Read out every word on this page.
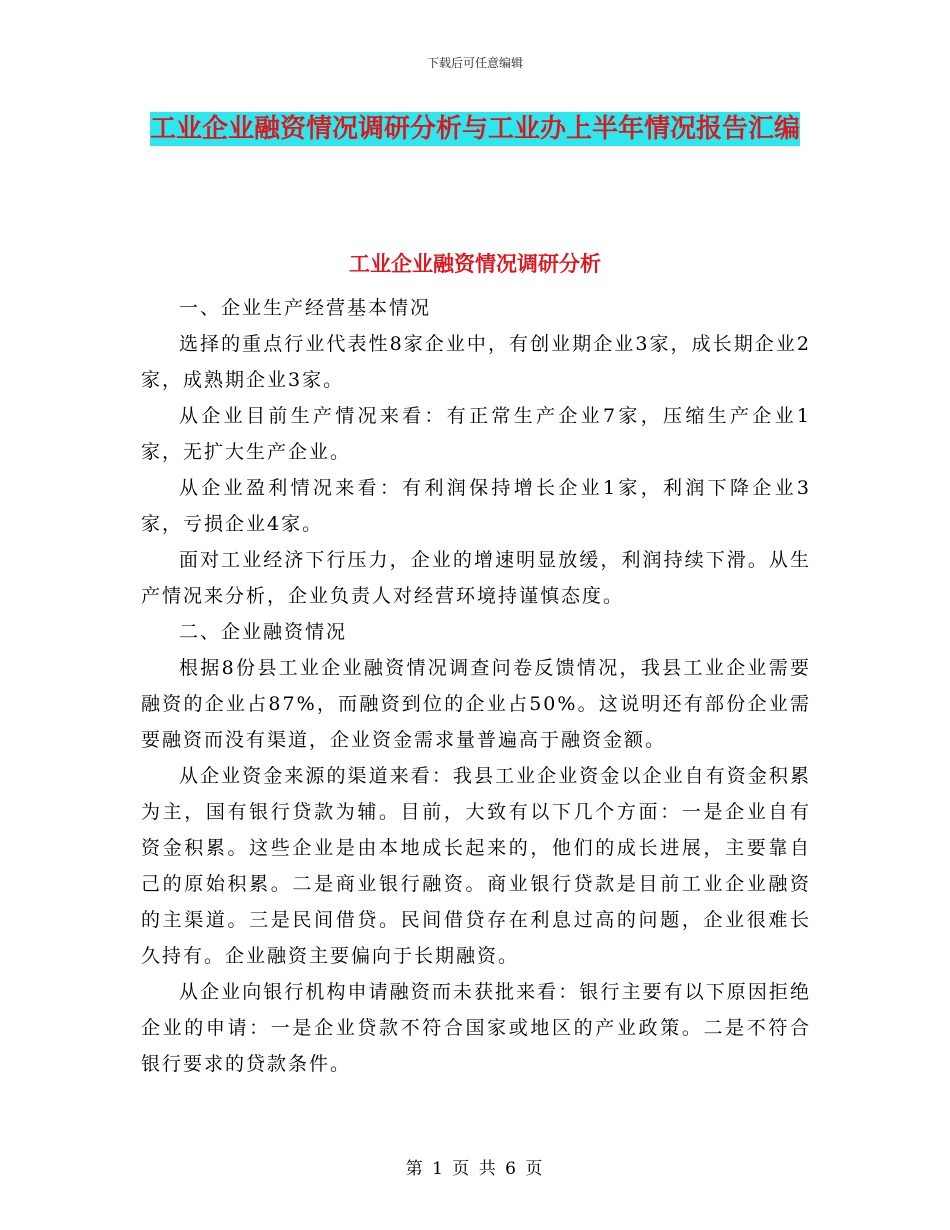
下载后可任意编辑
工业企业融资情况调研分析与工业办上半年情况报告汇编
工业企业融资情况调研分析

一、企业生产经营基本情况

选择的重点行业代表性8家企业中，有创业期企业3家，成长期企业2家，成熟期企业3家。

从企业目前生产情况来看：有正常生产企业7家，压缩生产企业1家，无扩大生产企业。

从企业盈利情况来看：有利润保持增长企业1家，利润下降企业3家，亏损企业4家。

面对工业经济下行压力，企业的增速明显放缓，利润持续下滑。从生产情况来分析，企业负责人对经营环境持谨慎态度。

二、企业融资情况

根据8份县工业企业融资情况调查问卷反馈情况，我县工业企业需要融资的企业占87%，而融资到位的企业占50%。这说明还有部份企业需要融资而没有渠道，企业资金需求量普遍高于融资金额。

从企业资金来源的渠道来看：我县工业企业资金以企业自有资金积累为主，国有银行贷款为辅。目前，大致有以下几个方面：一是企业自有资金积累。这些企业是由本地成长起来的，他们的成长进展，主要靠自己的原始积累。二是商业银行融资。商业银行贷款是目前工业企业融资的主渠道。三是民间借贷。民间借贷存在利息过高的问题，企业很难长久持有。企业融资主要偏向于长期融资。

从企业向银行机构申请融资而未获批来看：银行主要有以下原因拒绝企业的申请：一是企业贷款不符合国家或地区的产业政策。二是不符合银行要求的贷款条件。

第 1 页 共 6 页
